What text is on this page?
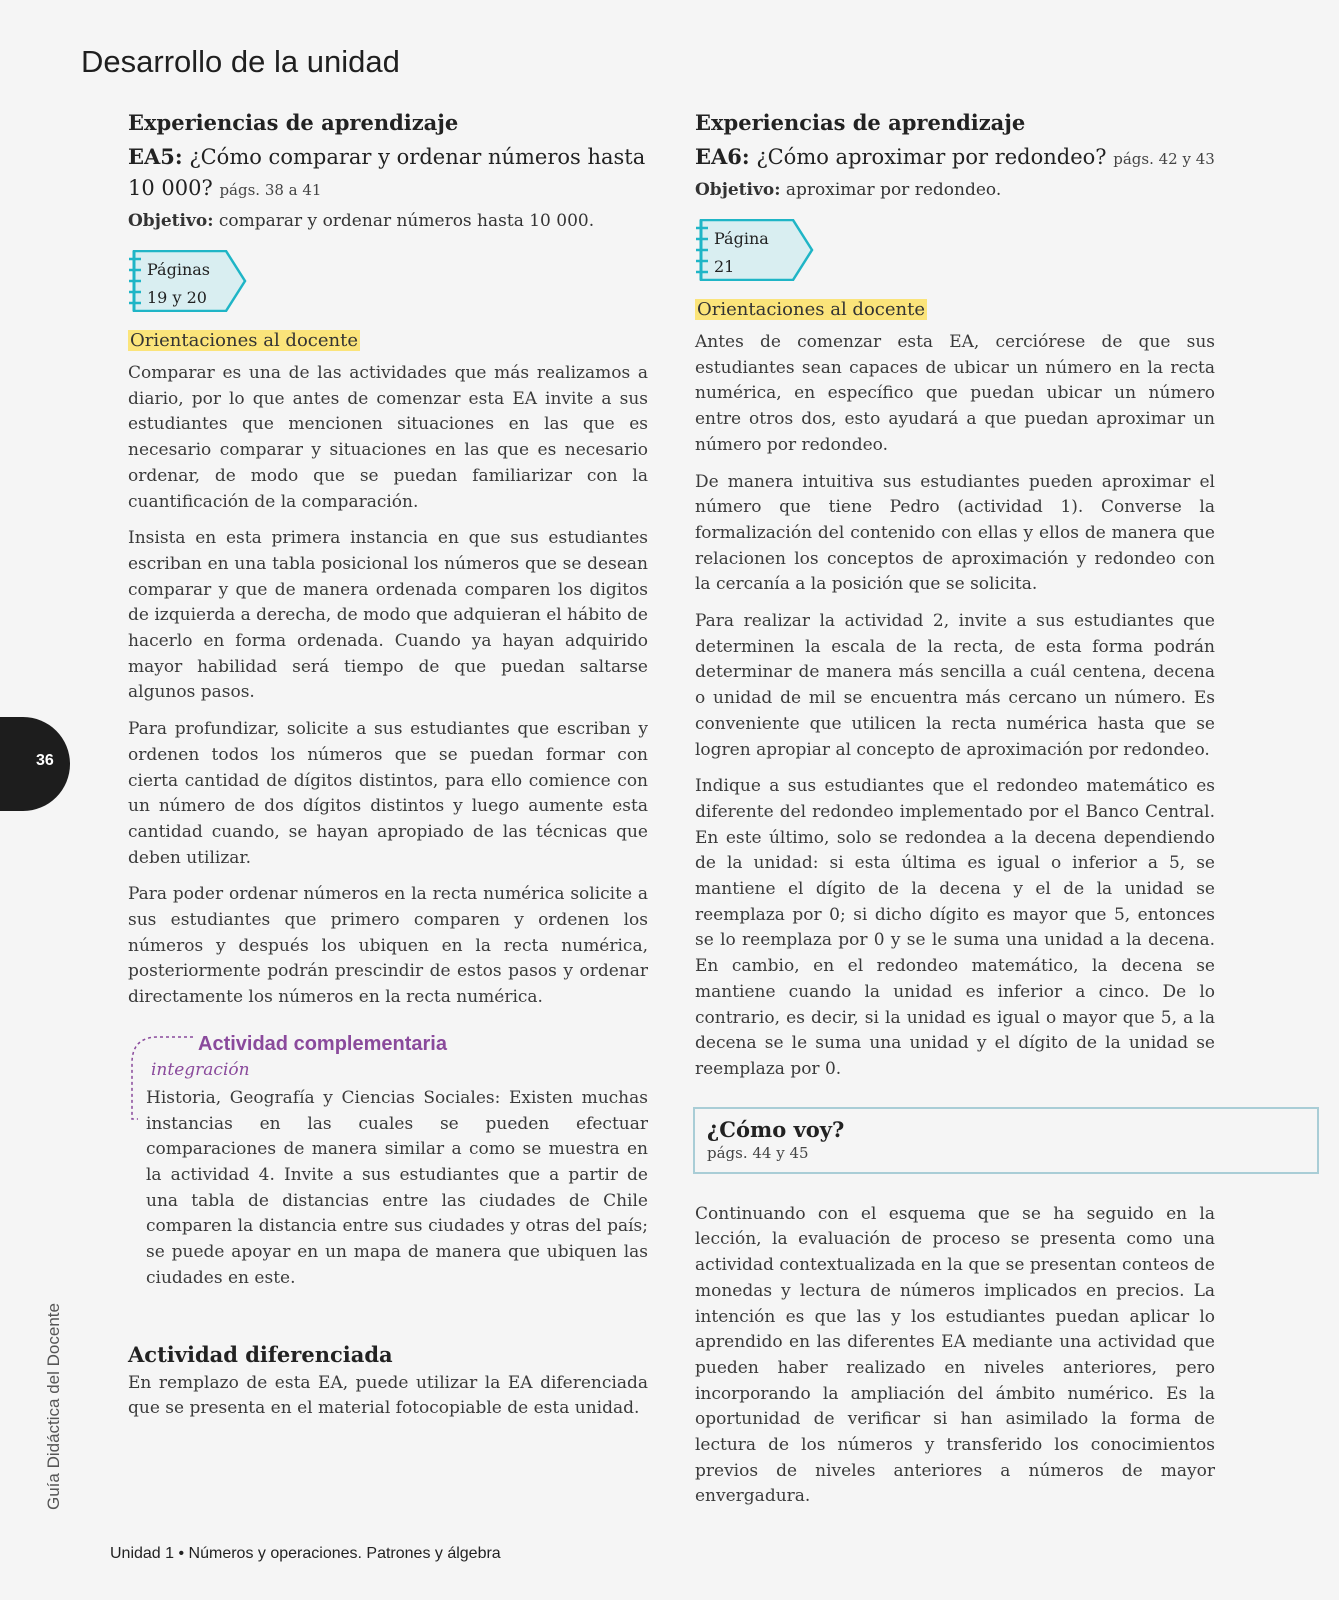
Desarrollo de la unidad
Experiencias de aprendizaje
EA5: ¿Cómo comparar y ordenar números hasta 10 000? págs. 38 a 41
Objetivo: comparar y ordenar números hasta 10 000.
Páginas
19 y 20
Orientaciones al docente

Comparar es una de las actividades que más realizamos a diario, por lo que antes de comenzar esta EA invite a sus estudiantes que mencionen situaciones en las que es necesario comparar y situaciones en las que es necesario ordenar, de modo que se puedan familiarizar con la cuantificación de la comparación.

Insista en esta primera instancia en que sus estudiantes escriban en una tabla posicional los números que se desean comparar y que de manera ordenada comparen los digitos de izquierda a derecha, de modo que adquieran el hábito de hacerlo en forma ordenada. Cuando ya hayan adquirido mayor habilidad será tiempo de que puedan saltarse algunos pasos.

Para profundizar, solicite a sus estudiantes que escriban y ordenen todos los números que se puedan formar con cierta cantidad de dígitos distintos, para ello comience con un número de dos dígitos distintos y luego aumente esta cantidad cuando, se hayan apropiado de las técnicas que deben utilizar.

Para poder ordenar números en la recta numérica solicite a sus estudiantes que primero comparen y ordenen los números y después los ubiquen en la recta numérica, posteriormente podrán prescindir de estos pasos y ordenar directamente los números en la recta numérica.

Actividad complementaria
integración

Historia, Geografía y Ciencias Sociales: Existen muchas instancias en las cuales se pueden efectuar comparaciones de manera similar a como se muestra en la actividad 4. Invite a sus estudiantes que a partir de una tabla de distancias entre las ciudades de Chile comparen la distancia entre sus ciudades y otras del país; se puede apoyar en un mapa de manera que ubiquen las ciudades en este.

Actividad diferenciada

En remplazo de esta EA, puede utilizar la EA diferenciada que se presenta en el material fotocopiable de esta unidad.

Experiencias de aprendizaje
EA6: ¿Cómo aproximar por redondeo? págs. 42 y 43
Objetivo: aproximar por redondeo.
Página
21
Orientaciones al docente

Antes de comenzar esta EA, cerciórese de que sus estudiantes sean capaces de ubicar un número en la recta numérica, en específico que puedan ubicar un número entre otros dos, esto ayudará a que puedan aproximar un número por redondeo.

De manera intuitiva sus estudiantes pueden aproximar el número que tiene Pedro (actividad 1). Converse la formalización del contenido con ellas y ellos de manera que relacionen los conceptos de aproximación y redondeo con la cercanía a la posición que se solicita.

Para realizar la actividad 2, invite a sus estudiantes que determinen la escala de la recta, de esta forma podrán determinar de manera más sencilla a cuál centena, decena o unidad de mil se encuentra más cercano un número. Es conveniente que utilicen la recta numérica hasta que se logren apropiar al concepto de aproximación por redondeo.

Indique a sus estudiantes que el redondeo matemático es diferente del redondeo implementado por el Banco Central. En este último, solo se redondea a la decena dependiendo de la unidad: si esta última es igual o inferior a 5, se mantiene el dígito de la decena y el de la unidad se reemplaza por 0; si dicho dígito es mayor que 5, entonces se lo reemplaza por 0 y se le suma una unidad a la decena. En cambio, en el redondeo matemático, la decena se mantiene cuando la unidad es inferior a cinco. De lo contrario, es decir, si la unidad es igual o mayor que 5, a la decena se le suma una unidad y el dígito de la unidad se reemplaza por 0.

¿Cómo voy?
págs. 44 y 45

Continuando con el esquema que se ha seguido en la lección, la evaluación de proceso se presenta como una actividad contextualizada en la que se presentan conteos de monedas y lectura de números implicados en precios. La intención es que las y los estudiantes puedan aplicar lo aprendido en las diferentes EA mediante una actividad que pueden haber realizado en niveles anteriores, pero incorporando la ampliación del ámbito numérico. Es la oportunidad de verificar si han asimilado la forma de lectura de los números y transferido los conocimientos previos de niveles anteriores a números de mayor envergadura.

36
Guía Didáctica del Docente
Unidad 1 • Números y operaciones. Patrones y álgebra
